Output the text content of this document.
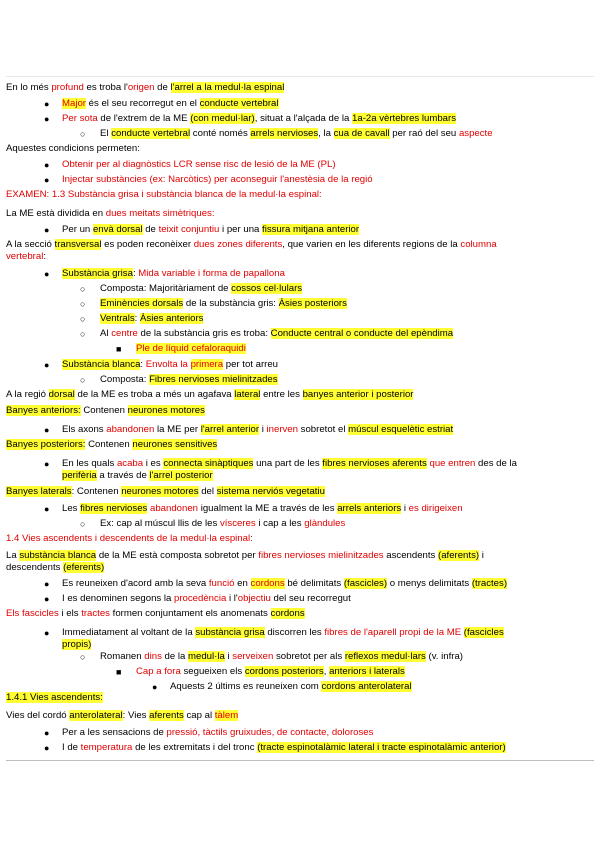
En lo més profund es troba l'origen de l'arrel a la medul·la espinal
● Major és el seu recorregut en el conducte vertebral
● Per sota de l'extrem de la ME (con medul·lar), situat a l'alçada de la 1a-2a vèrtebres lumbars
○ El conducte vertebral conté només arrels nervioses, la cua de cavall per raó del seu aspecte
Aquestes condicions permeten:
● Obtenir per al diagnòstics LCR sense risc de lesió de la ME (PL)
● Injectar substàncies (ex: Narcòtics) per aconseguir l'anestèsia de la regió
EXAMEN: 1.3 Substància grisa i substància blanca de la medul·la espinal:
La ME està dividida en dues meitats simètriques:
● Per un envà dorsal de teixit conjuntiu i per una fissura mitjana anterior
A la secció transversal es poden reconèixer dues zones diferents, que varien en les diferents regions de la columna
vertebral:
● Substància grisa: Mida variable i forma de papallona
○ Composta: Majoritàriament de cossos cel·lulars
○ Eminències dorsals de la substància gris: Àsies posteriors
○ Ventrals: Àsies anteriors
○ Al centre de la substància gris es troba: Conducte central o conducte del epèndima
■ Ple de líquid cefaloraquidi
● Substància blanca: Envolta la primera per tot arreu
○ Composta: Fibres nervioses mielinitzades
A la regió dorsal de la ME es troba a més un agafava lateral entre les banyes anterior i posterior
Banyes anteriors: Contenen neurones motores
● Els axons abandonen la ME per l'arrel anterior i inerven sobretot el múscul esquelètic estriat
Banyes posteriors: Contenen neurones sensitives
● En les quals acaba i es connecta sinàptiques una part de les fibres nervioses aferents que entren des de la
perifèria a través de l'arrel posterior
Banyes laterals: Contenen neurones motores del sistema nerviós vegetatiu
● Les fibres nervioses abandonen igualment la ME a través de les arrels anteriors i es dirigeixen
○ Ex: cap al múscul llis de les vísceres i cap a les glàndules
1.4 Vies ascendents i descendents de la medul·la espinal:
La substància blanca de la ME està composta sobretot per fibres nervioses mielinitzades ascendents (aferents) i
descendents (eferents)
● Es reuneixen d'acord amb la seva funció en cordons bé delimitats (fascicles) o menys delimitats (tractes)
● I es denominen segons la procedència i l'objectiu del seu recorregut
Els fascicles i els tractes formen conjuntament els anomenats cordons
● Immediatament al voltant de la substància grisa discorren les fibres de l'aparell propi de la ME (fascicles
propis)
○ Romanen dins de la medul·la i serveixen sobretot per als reflexos medul·lars (v. infra)
■ Cap a fora segueixen els cordons posteriors, anteriors i laterals
● Aquests 2 últims es reuneixen com cordons anterolateral
1.4.1 Vies ascendents:
Vies del cordó anterolateral: Vies aferents cap al tàlem
● Per a les sensacions de pressió, tàctils gruixudes, de contacte, doloroses
● I de temperatura de les extremitats i del tronc (tracte espinotalàmic lateral i tracte espinotalàmic anterior)
